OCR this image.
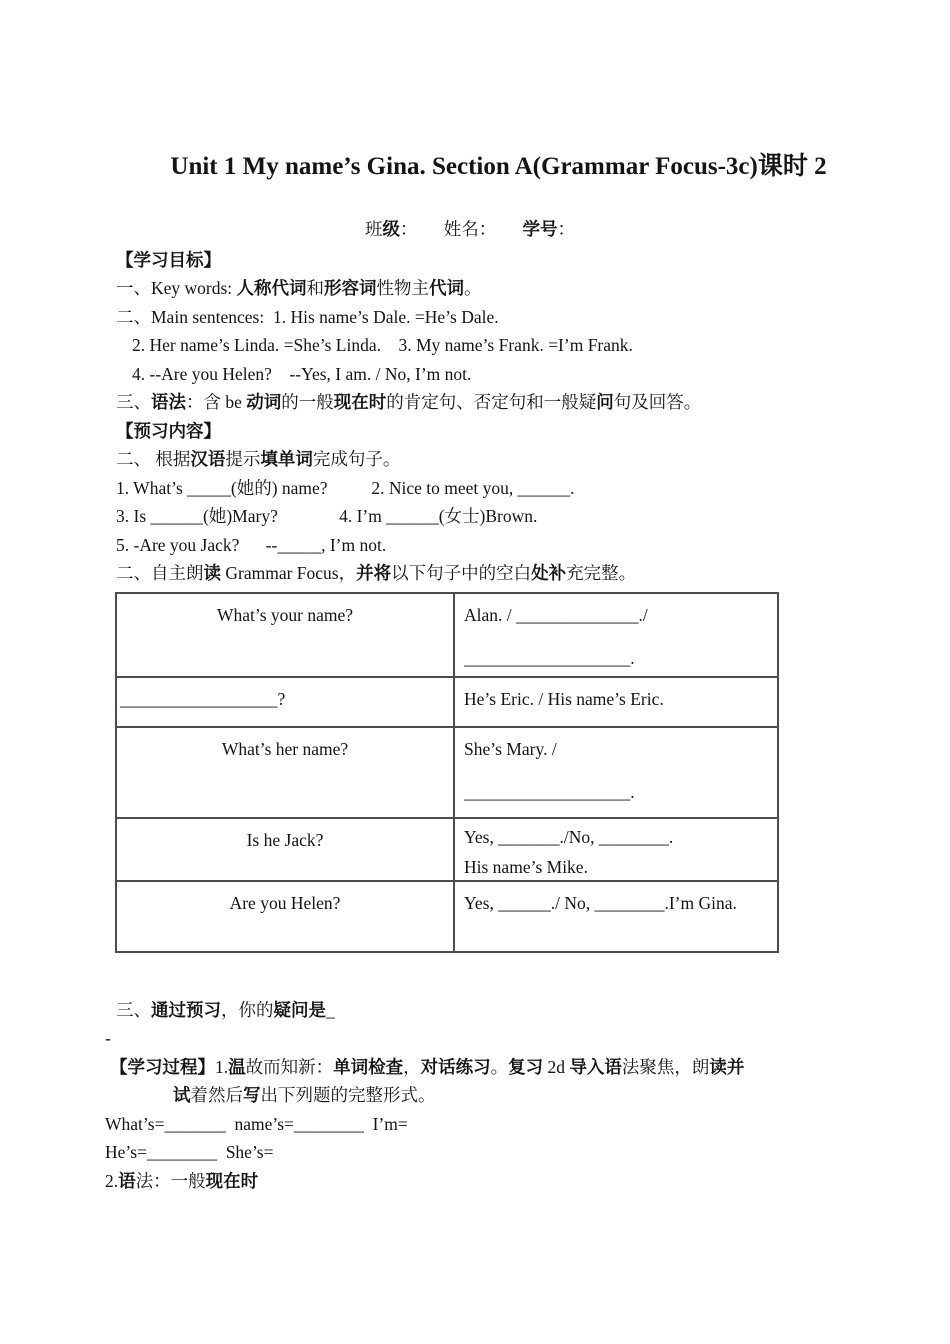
Unit 1 My name’s Gina. Section A(Grammar Focus-3c)课时 2
班级：      姓名：      学号：
【学习目标】
一、Key words: 人称代词和形容词性物主代词。
二、Main sentences:  1. His name’s Dale. =He’s Dale.
2. Her name’s Linda. =She’s Linda.    3. My name’s Frank. =I’m Frank.
4. --Are you Helen?    --Yes, I am. / No, I’m not.
三、语法：含 be 动词的一般现在时的肯定句、否定句和一般疑问句及回答。
【预习内容】
二、 根据汉语提示填单词完成句子。
1. What’s _____(她的) name?          2. Nice to meet you, ______.
3. Is ______(她)Mary?              4. I’m ______(女士)Brown.
5. -Are you Jack?      --_____, I’m not.
二、自主朗读 Grammar Focus，并将以下句子中的空白处补充完整。
What’s your name?	Alan. / ______________./
___________________.
__________________?	He’s Eric. / His name’s Eric.
What’s her name?	She’s Mary. /
___________________.
Is he Jack?	Yes, _______./No, ________.
His name’s Mike.
Are you Helen?	Yes, ______./ No, ________.I’m Gina.
三、通过预习，你的疑问是_
-
【学习过程】1.温故而知新：单词检查，对话练习。复习 2d 导入语法聚焦，朗读并
试着然后写出下列题的完整形式。
What’s=_______  name’s=________  I’m=
He’s=________  She’s=
2.语法：一般现在时
